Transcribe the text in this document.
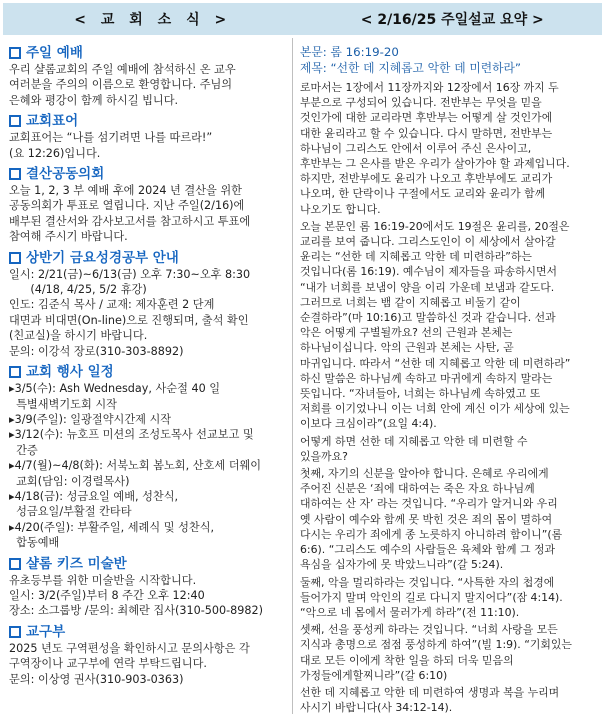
< 교 회 소 식 >	< 2/16/25 주일설교 요약 >
주일 예배
우리 샬롬교회의 주일 예배에 참석하신 온 교우
여러분을 주의의 이름으로 환영합니다. 주님의
은혜와 평강이 함께 하시길 빕니다.
교회표어
교회표어는 “나를 섬기려면 나를 따르라!”
(요 12:26)입니다.
결산공동의회
오늘 1, 2, 3 부 예배 후에 2024 년 결산을 위한
공동의회가 투표로 열립니다. 지난 주일(2/16)에
배부된 결산서와 감사보고서를 참고하시고 투표에
참여해 주시기 바랍니다.
상반기 금요성경공부 안내
일시: 2/21(금)~6/13(금) 오후 7:30~오후 8:30
(4/18, 4/25, 5/2 휴강)
인도: 김준식 목사 / 교재: 제자훈련 2 단계
대면과 비대면(On-line)으로 진행되며, 출석 확인
(친교실)을 하시기 바랍니다.
문의: 이강석 장로(310-303-8892)
교회 행사 일정
▸3/5(수): Ash Wednesday, 사순절 40 일
특별새벽기도회 시작
▸3/9(주일): 일광절약시간제 시작
▸3/12(수): 뉴호프 미션의 조성도목사 선교보고 및
간증
▸4/7(월)~4/8(화): 서북노회 봄노회, 산호세 더웨이
교회(담임: 이경렬목사)
▸4/18(금): 성금요일 예배, 성찬식,
성금요일/부활절 칸타타
▸4/20(주일): 부활주일, 세례식 및 성찬식,
합동예배
샬롬 키즈 미술반
유초등부를 위한 미술반을 시작합니다.
일시: 3/2(주일)부터 8 주간 오후 12:40
장소: 소그룹방 /문의: 최혜란 집사(310-500-8982)
교구부
2025 년도 구역편성을 확인하시고 문의사항은 각
구역장이나 교구부에 연락 부탁드립니다.
문의: 이상영 권사(310-903-0363)
본문: 롬 16:19-20
제목: “선한 데 지혜롭고 악한 데 미련하라”
로마서는 1장에서 11장까지와 12장에서 16장 까지 두
부분으로 구성되어 있습니다. 전반부는 무엇을 믿을
것인가에 대한 교리라면 후반부는 어떻게 살 것인가에
대한 윤리라고 할 수 있습니다. 다시 말하면, 전반부는
하나님이 그리스도 안에서 이루어 주신 은사이고,
후반부는 그 은사를 받은 우리가 살아가야 할 과제입니다.
하지만, 전반부에도 윤리가 나오고 후반부에도 교리가
나오며, 한 단락이나 구절에서도 교리와 윤리가 함께
나오기도 합니다.
오늘 본문인 롬 16:19-20에서도 19절은 윤리를, 20절은
교리를 보여 줍니다. 그리스도인이 이 세상에서 살아갈
윤리는 “선한 데 지혜롭고 악한 데 미련하라”하는
것입니다(롬 16:19). 예수님이 제자들을 파송하시면서
“내가 너희를 보냄이 양을 이리 가운데 보냄과 같도다.
그러므로 너희는 뱀 같이 지혜롭고 비둘기 같이
순결하라”(마 10:16)고 말씀하신 것과 같습니다. 선과
악은 어떻게 구별될까요? 선의 근원과 본체는
하나님이십니다. 악의 근원과 본체는 사탄, 곧
마귀입니다. 따라서 “선한 데 지혜롭고 악한 데 미련하라”
하신 말씀은 하나님께 속하고 마귀에게 속하지 말라는
뜻입니다. “자녀들아, 너희는 하나님께 속하였고 또
저희를 이기었나니 이는 너희 안에 계신 이가 세상에 있는
이보다 크심이라”(요일 4:4).
어떻게 하면 선한 데 지혜롭고 악한 데 미련할 수
있을까요?
첫째, 자기의 신분을 알아야 합니다. 은혜로 우리에게
주어진 신분은 ‘죄에 대하여는 죽은 자요 하나님께
대하여는 산 자’ 라는 것입니다. “우리가 알거니와 우리
옛 사람이 예수와 함께 못 박힌 것은 죄의 몸이 멸하여
다시는 우리가 죄에게 종 노릇하지 아니하려 함이니”(롬
6:6). “그리스도 예수의 사람들은 육체와 함께 그 정과
욕심을 십자가에 못 박았느니라”(갈 5:24).
둘째, 악을 멀리하라는 것입니다. “사특한 자의 첩경에
들어가지 말며 악인의 길로 다니지 말지어다”(잠 4:14).
“악으로 네 몸에서 물러가게 하라”(전 11:10).
셋째, 선을 풍성케 하라는 것입니다. “너희 사랑을 모든
지식과 총명으로 점점 풍성하게 하여”(빌 1:9). “기회있는
대로 모든 이에게 착한 일을 하되 더욱 믿음의
가정들에게할찌니라”(갈 6:10)
선한 데 지혜롭고 악한 데 미련하여 생명과 복을 누리며
사시기 바랍니다(사 34:12-14).
